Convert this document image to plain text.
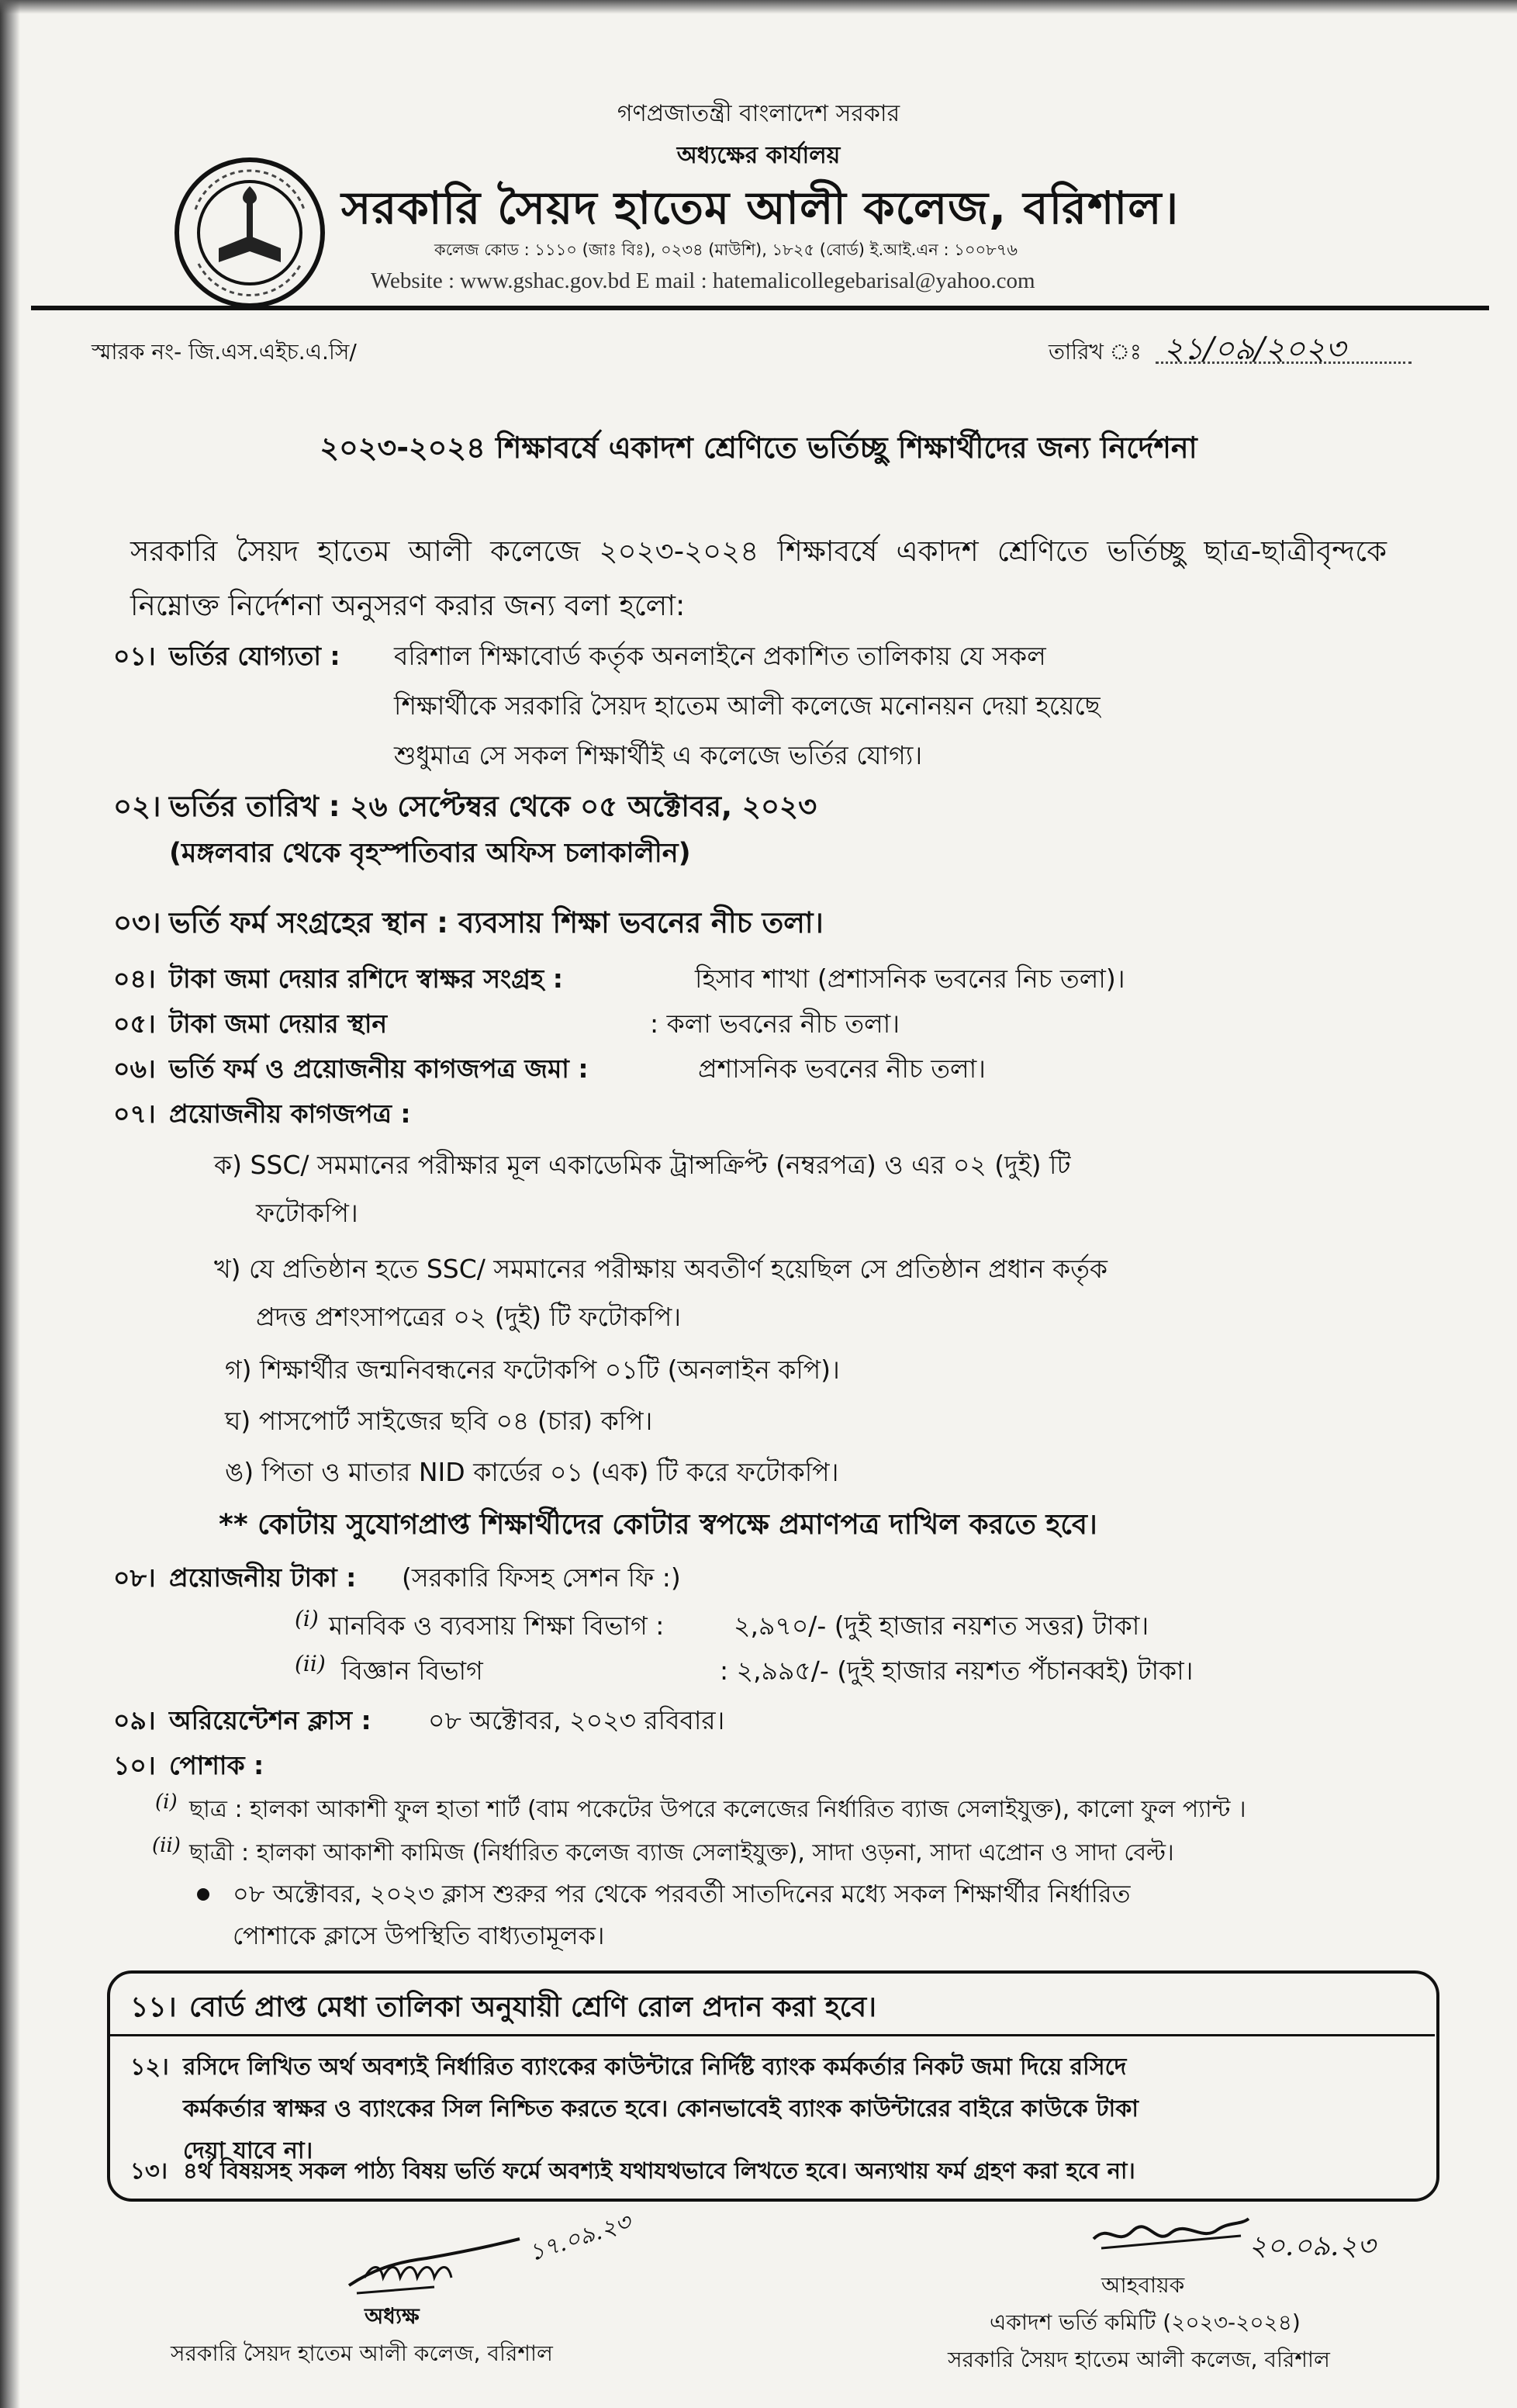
গণপ্রজাতন্ত্রী বাংলাদেশ সরকার
অধ্যক্ষের কার্যালয়
সরকারি সৈয়দ হাতেম আলী কলেজ, বরিশাল।
কলেজ কোড : ১১১০ (জাঃ বিঃ), ০২৩৪ (মাউশি), ১৮২৫ (বোর্ড) ই.আই.এন : ১০০৮৭৬
Website : www.gshac.gov.bd E mail : hatemalicollegebarisal@yahoo.com
স্মারক নং- জি.এস.এইচ.এ.সি/	তারিখ ঃ ২১/০৯/২০২৩
২০২৩-২০২৪ শিক্ষাবর্ষে একাদশ শ্রেণিতে ভর্তিচ্ছু শিক্ষার্থীদের জন্য নির্দেশনা
সরকারি সৈয়দ হাতেম আলী কলেজে ২০২৩-২০২৪ শিক্ষাবর্ষে একাদশ শ্রেণিতে ভর্তিচ্ছু ছাত্র-ছাত্রীবৃন্দকে নিম্নোক্ত নির্দেশনা অনুসরণ করার জন্য বলা হলো:
০১। ভর্তির যোগ্যতা : বরিশাল শিক্ষাবোর্ড কর্তৃক অনলাইনে প্রকাশিত তালিকায় যে সকল
শিক্ষার্থীকে সরকারি সৈয়দ হাতেম আলী কলেজে মনোনয়ন দেয়া হয়েছে
শুধুমাত্র সে সকল শিক্ষার্থীই এ কলেজে ভর্তির যোগ্য।
০২। ভর্তির তারিখ : ২৬ সেপ্টেম্বর থেকে ০৫ অক্টোবর, ২০২৩
(মঙ্গলবার থেকে বৃহস্পতিবার অফিস চলাকালীন)
০৩। ভর্তি ফর্ম সংগ্রহের স্থান : ব্যবসায় শিক্ষা ভবনের নীচ তলা।
০৪। টাকা জমা দেয়ার রশিদে স্বাক্ষর সংগ্রহ :	হিসাব শাখা (প্রশাসনিক ভবনের নিচ তলা)।
০৫। টাকা জমা দেয়ার স্থান	: কলা ভবনের নীচ তলা।
০৬। ভর্তি ফর্ম ও প্রয়োজনীয় কাগজপত্র জমা :	প্রশাসনিক ভবনের নীচ তলা।
০৭। প্রয়োজনীয় কাগজপত্র :
ক) SSC/ সমমানের পরীক্ষার মূল একাডেমিক ট্রান্সক্রিপ্ট (নম্বরপত্র) ও এর ০২ (দুই) টি
ফটোকপি।
খ) যে প্রতিষ্ঠান হতে SSC/ সমমানের পরীক্ষায় অবতীর্ণ হয়েছিল সে প্রতিষ্ঠান প্রধান কর্তৃক
প্রদত্ত প্রশংসাপত্রের ০২ (দুই) টি ফটোকপি।
গ) শিক্ষার্থীর জন্মনিবন্ধনের ফটোকপি ০১টি (অনলাইন কপি)।
ঘ) পাসপোর্ট সাইজের ছবি ০৪ (চার) কপি।
ঙ) পিতা ও মাতার NID কার্ডের ০১ (এক) টি করে ফটোকপি।
** কোটায় সুযোগপ্রাপ্ত শিক্ষার্থীদের কোটার স্বপক্ষে প্রমাণপত্র দাখিল করতে হবে।
০৮। প্রয়োজনীয় টাকা : (সরকারি ফিসহ সেশন ফি :)
(i) মানবিক ও ব্যবসায় শিক্ষা বিভাগ :	২,৯৭০/- (দুই হাজার নয়শত সত্তর) টাকা।
(ii) বিজ্ঞান বিভাগ	: ২,৯৯৫/- (দুই হাজার নয়শত পঁচানব্বই) টাকা।
০৯। অরিয়েন্টেশন ক্লাস : ০৮ অক্টোবর, ২০২৩ রবিবার।
১০। পোশাক :
(i) ছাত্র : হালকা আকাশী ফুল হাতা শার্ট (বাম পকেটের উপরে কলেজের নির্ধারিত ব্যাজ সেলাইযুক্ত), কালো ফুল প্যান্ট ।
(ii) ছাত্রী : হালকা আকাশী কামিজ (নির্ধারিত কলেজ ব্যাজ সেলাইযুক্ত), সাদা ওড়না, সাদা এপ্রোন ও সাদা বেল্ট।
০৮ অক্টোবর, ২০২৩ ক্লাস শুরুর পর থেকে পরবর্তী সাতদিনের মধ্যে সকল শিক্ষার্থীর নির্ধারিত
পোশাকে ক্লাসে উপস্থিতি বাধ্যতামূলক।
১১। বোর্ড প্রাপ্ত মেধা তালিকা অনুযায়ী শ্রেণি রোল প্রদান করা হবে।
১২। রসিদে লিখিত অর্থ অবশ্যই নির্ধারিত ব্যাংকের কাউন্টারে নির্দিষ্ট ব্যাংক কর্মকর্তার নিকট জমা দিয়ে রসিদে
কর্মকর্তার স্বাক্ষর ও ব্যাংকের সিল নিশ্চিত করতে হবে। কোনভাবেই ব্যাংক কাউন্টারের বাইরে কাউকে টাকা
দেয়া যাবে না।
১৩। ৪র্থ বিষয়সহ সকল পাঠ্য বিষয় ভর্তি ফর্মে অবশ্যই যথাযথভাবে লিখতে হবে। অন্যথায় ফর্ম গ্রহণ করা হবে না।
১৭.০৯.২৩
অধ্যক্ষ
সরকারি সৈয়দ হাতেম আলী কলেজ, বরিশাল
২০.০৯.২৩
আহবায়ক
একাদশ ভর্তি কমিটি (২০২৩-২০২৪)
সরকারি সৈয়দ হাতেম আলী কলেজ, বরিশাল
